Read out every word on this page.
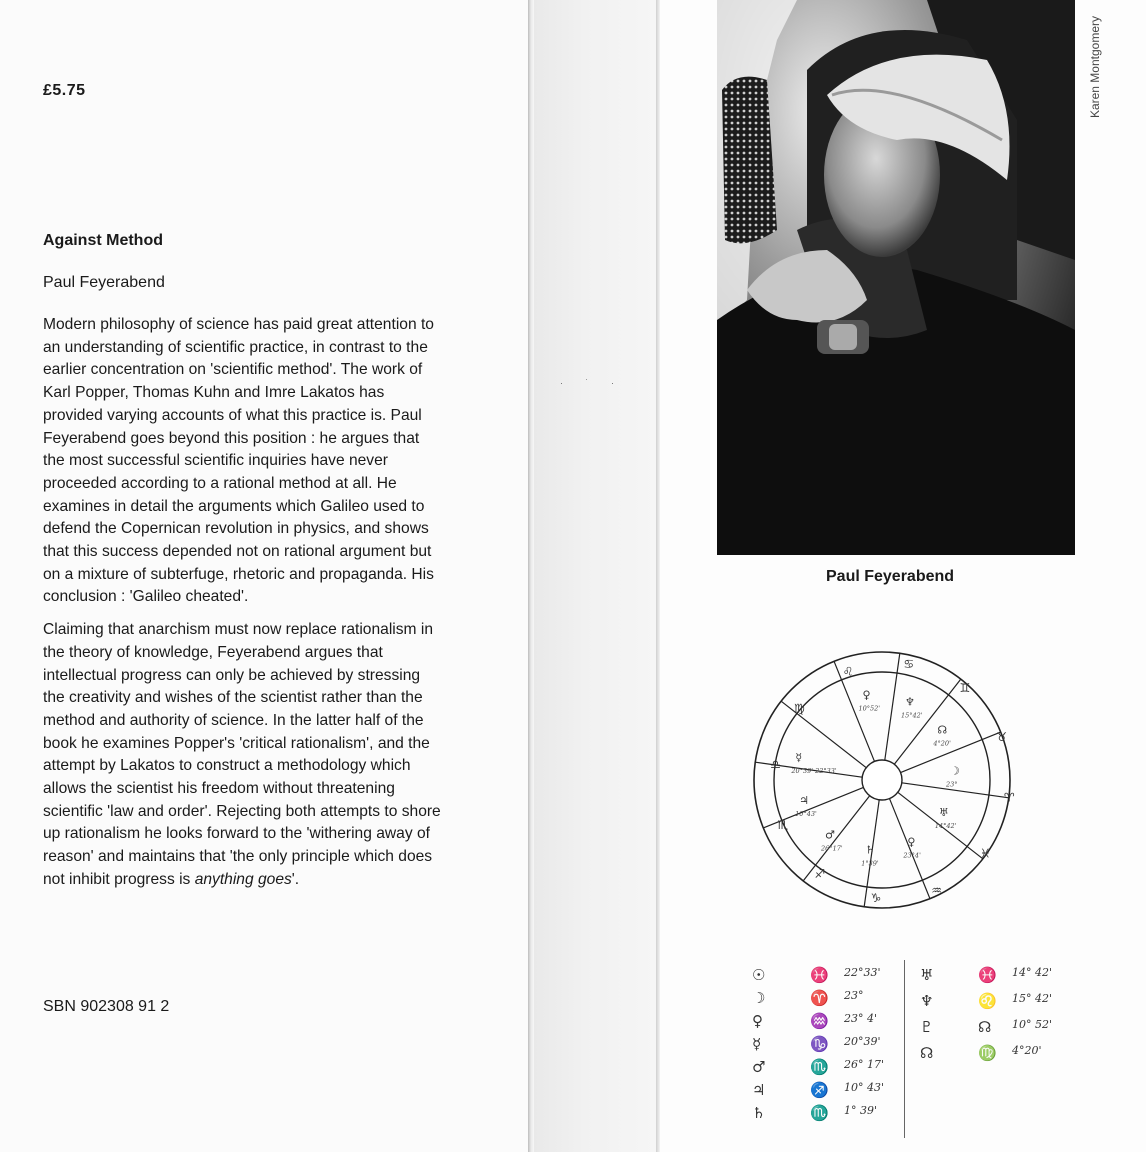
· ˙ ·
£5.75
Against Method
Paul Feyerabend

Modern philosophy of science has paid great attention to an understanding of scientific practice, in contrast to the earlier concentration on 'scientific method'. The work of Karl Popper, Thomas Kuhn and Imre Lakatos has provided varying accounts of what this practice is. Paul Feyerabend goes beyond this position : he argues that the most successful scientific inquiries have never proceeded according to a rational method at all. He examines in detail the arguments which Galileo used to defend the Copernican revolution in physics, and shows that this success depended not on rational argument but on a mixture of subterfuge, rhetoric and propaganda. His conclusion : 'Galileo cheated'.

Claiming that anarchism must now replace rationalism in the theory of knowledge, Feyerabend argues that intellectual progress can only be achieved by stressing the creativity and wishes of the scientist rather than the method and authority of science. In the latter half of the book he examines Popper's 'critical rationalism', and the attempt by Lakatos to construct a methodology which allows the scientist his freedom without threatening scientific 'law and order'. Rejecting both attempts to shore up rationalism he looks forward to the 'withering away of reason' and maintains that 'the only principle which does not inhibit progress is anything goes'.

SBN 902308 91 2
Karen Montgomery
Paul Feyerabend
♌
♋
♊
♉
♈
♓
♒
♑
♐
♏
♎
♍
♀
10°52'
♆
15°42'
☊
4°20'
☽
23°
♅
14°42'
♀
23°4'
♄
1°39'
♂
26°17'
♃
10°43'
☿
20°39' 22°33'
☉	♓ 22°33'
☽	♈ 23°
♀	♒ 23° 4'
☿	♑ 20°39'
♂	♏ 26° 17'
♃	♐ 10° 43'
♄	♏ 1° 39'
♅	♓ 14° 42'
♆	♌ 15° 42'
♇	☊ 10° 52'
☊	♍ 4°20'
